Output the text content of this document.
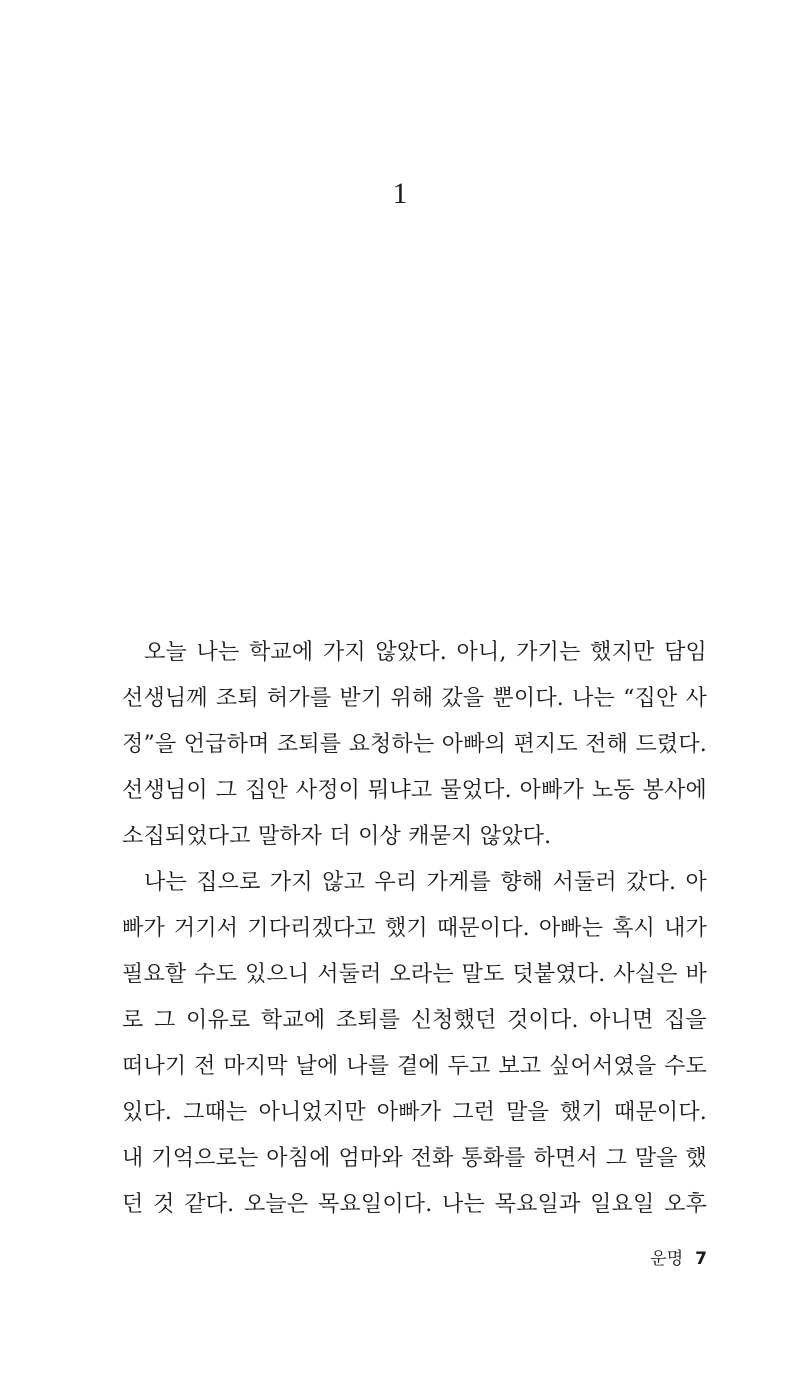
1
오늘 나는 학교에 가지 않았다. 아니, 가기는 했지만 담임
선생님께 조퇴 허가를 받기 위해 갔을 뿐이다. 나는 “집안 사
정”을 언급하며 조퇴를 요청하는 아빠의 편지도 전해 드렸다.
선생님이 그 집안 사정이 뭐냐고 물었다. 아빠가 노동 봉사에
소집되었다고 말하자 더 이상 캐묻지 않았다.
나는 집으로 가지 않고 우리 가게를 향해 서둘러 갔다. 아
빠가 거기서 기다리겠다고 했기 때문이다. 아빠는 혹시 내가
필요할 수도 있으니 서둘러 오라는 말도 덧붙였다. 사실은 바
로 그 이유로 학교에 조퇴를 신청했던 것이다. 아니면 집을
떠나기 전 마지막 날에 나를 곁에 두고 보고 싶어서였을 수도
있다. 그때는 아니었지만 아빠가 그런 말을 했기 때문이다.
내 기억으로는 아침에 엄마와 전화 통화를 하면서 그 말을 했
던 것 같다. 오늘은 목요일이다. 나는 목요일과 일요일 오후
운명 7
